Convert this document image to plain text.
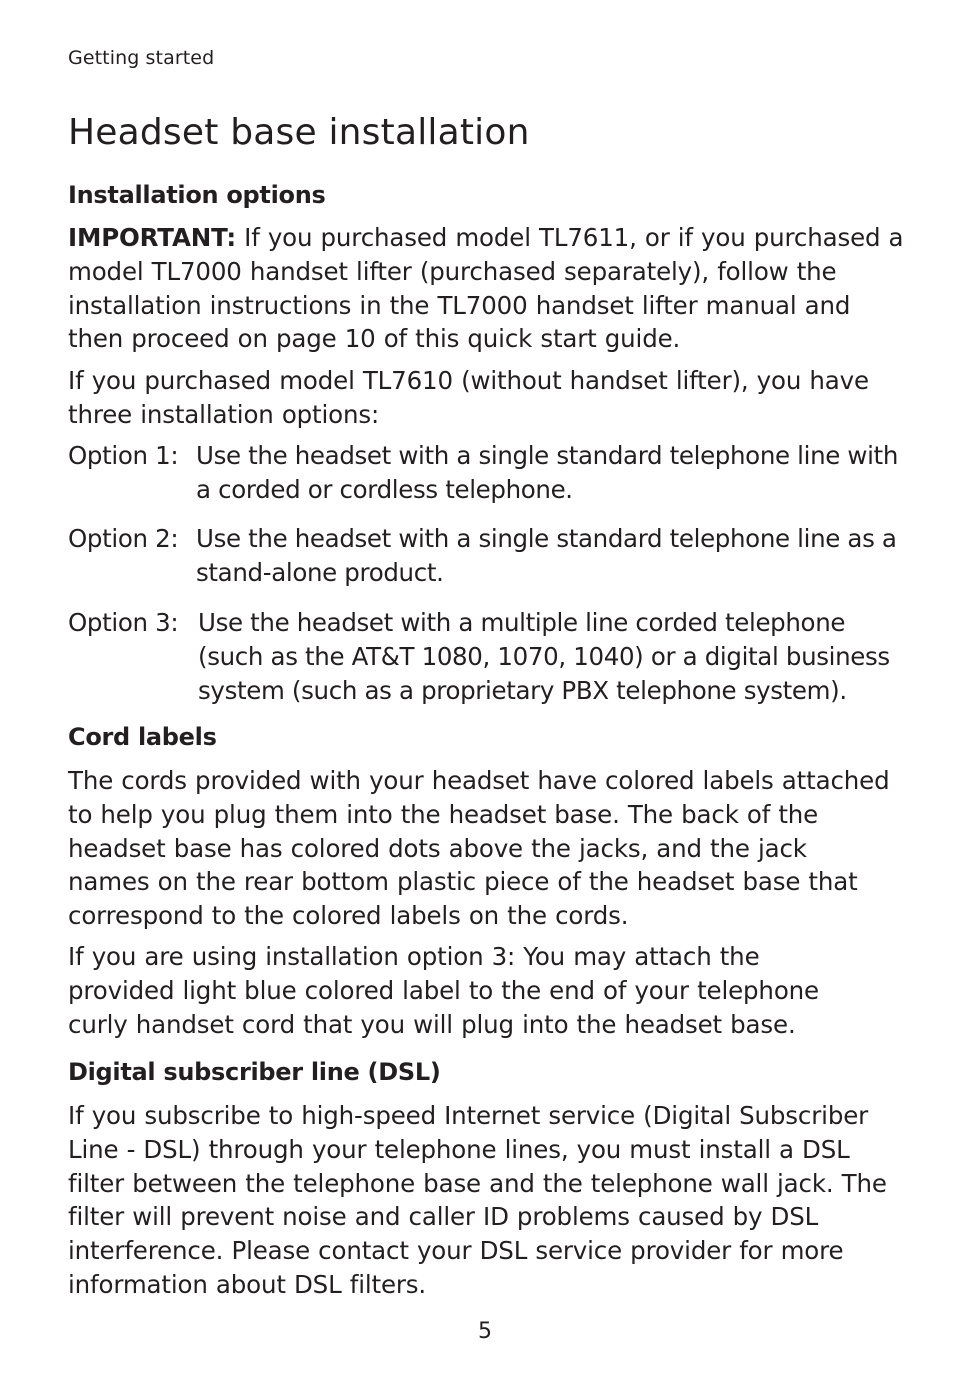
Getting started
Headset base installation
Installation options

IMPORTANT: If you purchased model TL7611, or if you purchased a model TL7000 handset lifter (purchased separately), follow the installation instructions in the TL7000 handset lifter manual and then proceed on page 10 of this quick start guide.

If you purchased model TL7610 (without handset lifter), you have three installation options:

Option 1: Use the headset with a single standard telephone line with a corded or cordless telephone.
Option 2: Use the headset with a single standard telephone line as a stand-alone product.
Option 3: Use the headset with a multiple line corded telephone (such as the AT&T 1080, 1070, 1040) or a digital business system (such as a proprietary PBX telephone system).
Cord labels

The cords provided with your headset have colored labels attached to help you plug them into the headset base. The back of the headset base has colored dots above the jacks, and the jack names on the rear bottom plastic piece of the headset base that correspond to the colored labels on the cords.

If you are using installation option 3: You may attach the provided light blue colored label to the end of your telephone curly handset cord that you will plug into the headset base.

Digital subscriber line (DSL)

If you subscribe to high-speed Internet service (Digital Subscriber Line - DSL) through your telephone lines, you must install a DSL filter between the telephone base and the telephone wall jack. The filter will prevent noise and caller ID problems caused by DSL interference. Please contact your DSL service provider for more information about DSL filters.

5
